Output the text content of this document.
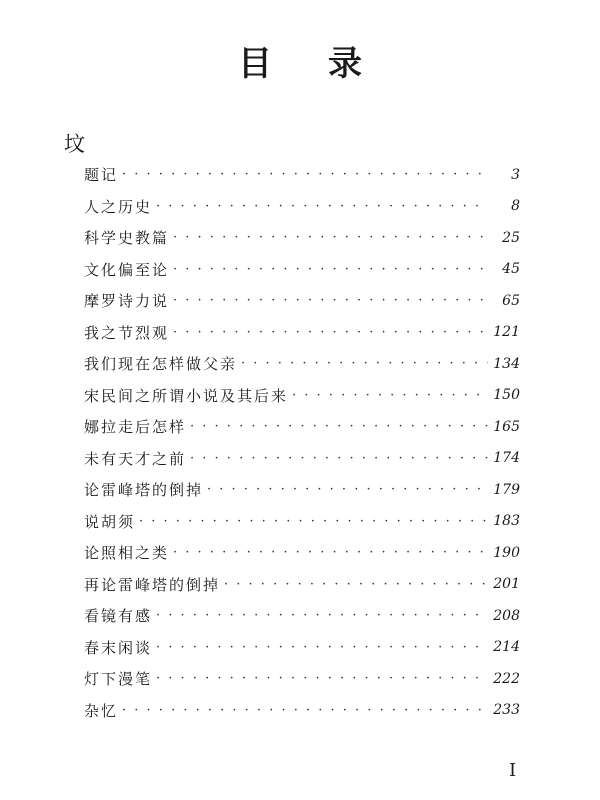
目录
坟
题记 · · ·	3
人之历史 · · ·	8
科学史教篇 · · ·	25
文化偏至论 · · ·	45
摩罗诗力说 · · ·	65
我之节烈观 · · ·	121
我们现在怎样做父亲 · · ·	134
宋民间之所谓小说及其后来 · · ·	150
娜拉走后怎样 · · ·	165
未有天才之前 · · ·	174
论雷峰塔的倒掉 · · ·	179
说胡须 · · ·	183
论照相之类 · · ·	190
再论雷峰塔的倒掉 · · ·	201
看镜有感 · · ·	208
春末闲谈 · · ·	214
灯下漫笔 · · ·	222
杂忆 · · ·	233
I
